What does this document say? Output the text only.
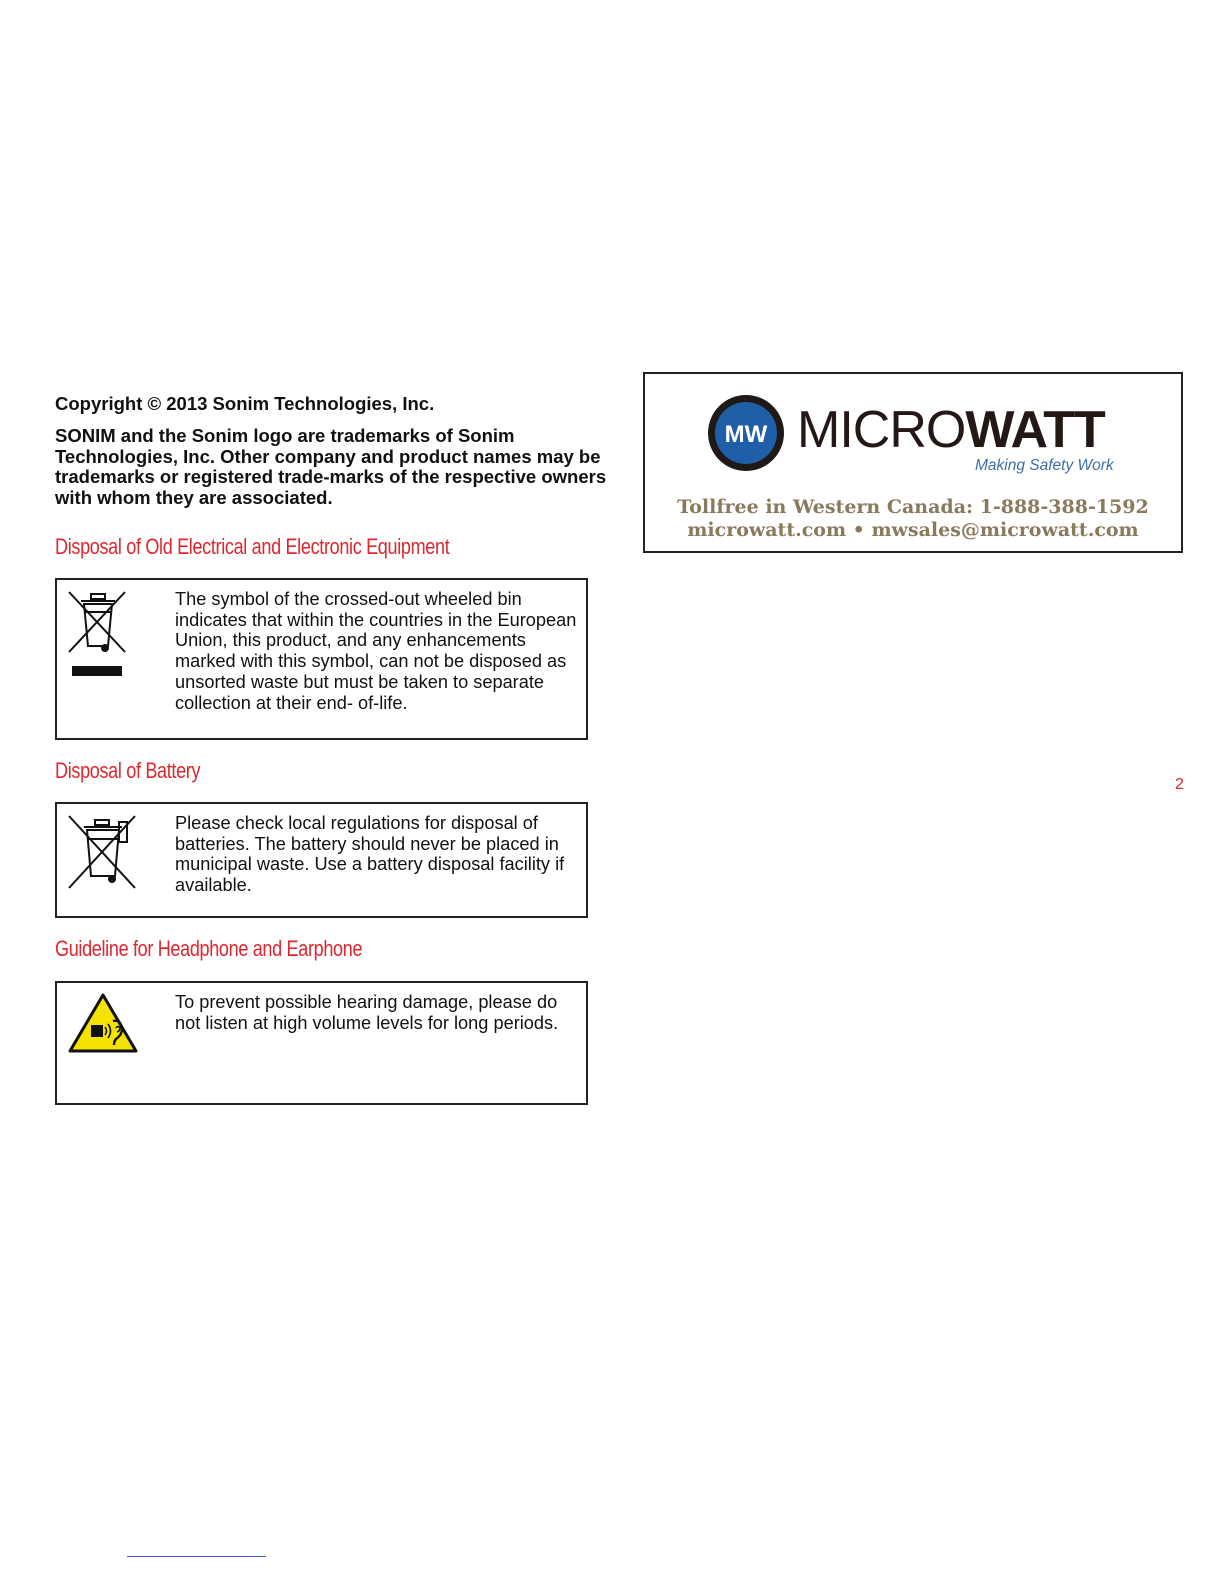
Copyright © 2013 Sonim Technologies, Inc.

SONIM and the Sonim logo are trademarks of Sonim Technologies, Inc. Other company and product names may be trademarks or registered trade-marks of the respective owners with whom they are associated.

Disposal of Old Electrical and Electronic Equipment

The symbol of the crossed-out wheeled bin indicates that within the countries in the European Union, this product, and any enhancements marked with this symbol, can not be disposed as unsorted waste but must be taken to separate collection at their end- of-life.

Disposal of Battery

Please check local regulations for disposal of batteries. The battery should never be placed in municipal waste. Use a battery disposal facility if available.

Guideline for Headphone and Earphone

To prevent possible hearing damage, please do not listen at high volume levels for long periods.

MW MICROWATT

Making Safety Work

Tollfree in Western Canada: 1-888-388-1592

microwatt.com • mwsales@microwatt.com

2
